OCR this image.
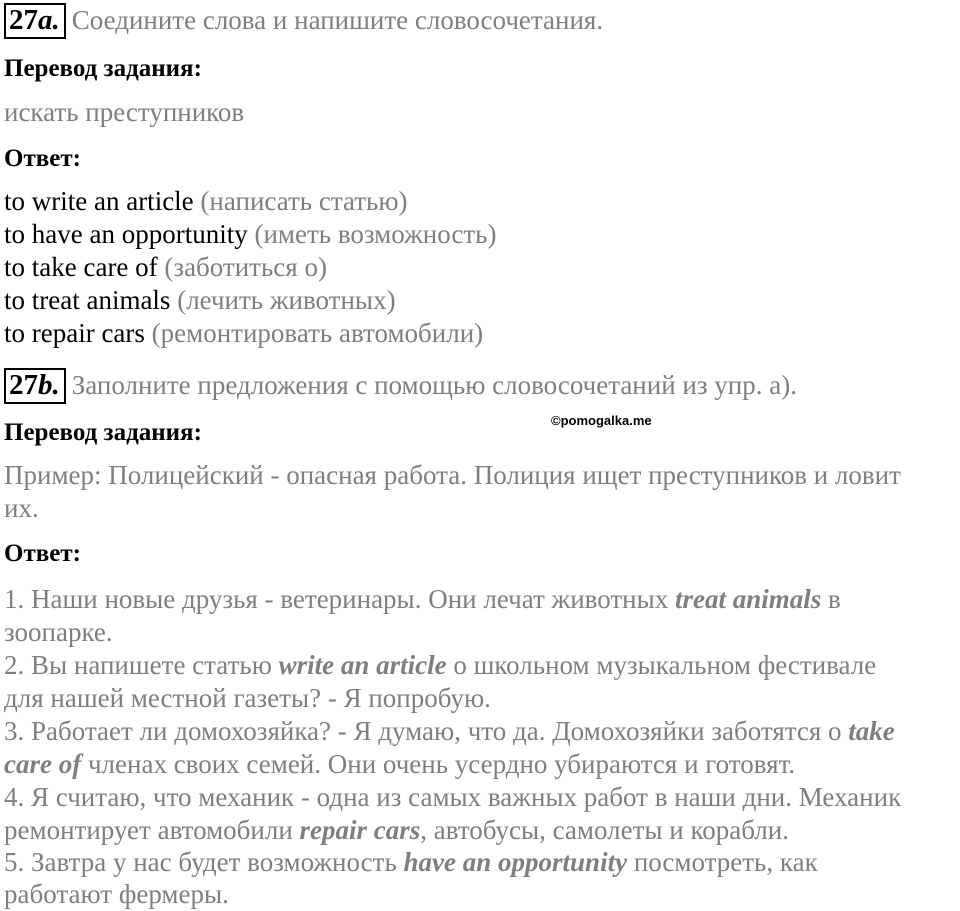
27a. Соедините слова и напишите словосочетания.
Перевод задания:
искать преступников
Ответ:
to write an article (написать статью)
to have an opportunity (иметь возможность)
to take care of (заботиться о)
to treat animals (лечить животных)
to repair cars (ремонтировать автомобили)
27b. Заполните предложения с помощью словосочетаний из упр. а).
©pomogalka.me
Перевод задания:
Пример: Полицейский - опасная работа. Полиция ищет преступников и ловит
их.
Ответ:
1. Наши новые друзья - ветеринары. Они лечат животных treat animals в
зоопарке.
2. Вы напишете статью write an article о школьном музыкальном фестивале
для нашей местной газеты? - Я попробую.
3. Работает ли домохозяйка? - Я думаю, что да. Домохозяйки заботятся о take
care of членах своих семей. Они очень усердно убираются и готовят.
4. Я считаю, что механик - одна из самых важных работ в наши дни. Механик
ремонтирует автомобили repair cars, автобусы, самолеты и корабли.
5. Завтра у нас будет возможность have an opportunity посмотреть, как
работают фермеры.
